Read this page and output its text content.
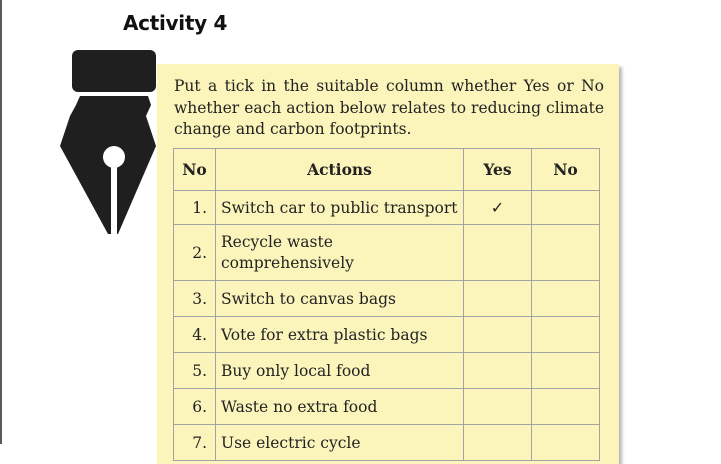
Activity 4
Put a tick in the suitable column whether Yes or No whether each action below relates to reducing climate change and carbon footprints.
No	Actions	Yes	No
1.	Switch car to public transport	✓	
2.	Recycle waste comprehensively		
3.	Switch to canvas bags		
4.	Vote for extra plastic bags		
5.	Buy only local food		
6.	Waste no extra food		
7.	Use electric cycle		
